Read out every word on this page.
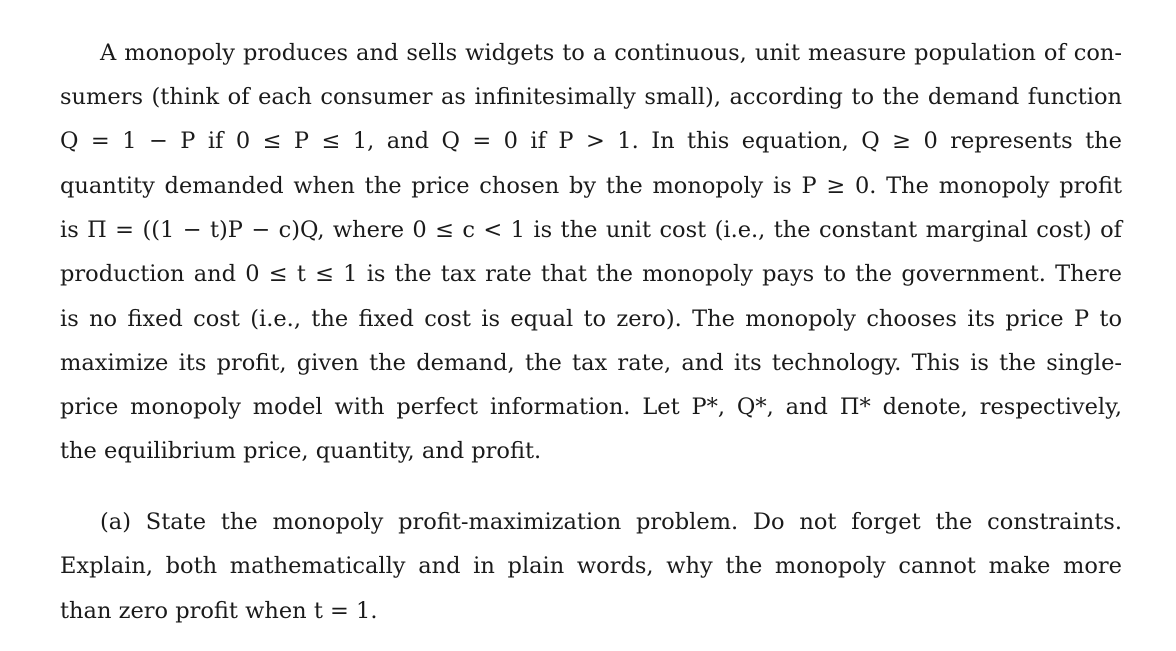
A monopoly produces and sells widgets to a continuous, unit measure population of con-
sumers (think of each consumer as infinitesimally small), according to the demand function
Q = 1 − P if 0 ≤ P ≤ 1, and Q = 0 if P > 1. In this equation, Q ≥ 0 represents the
quantity demanded when the price chosen by the monopoly is P ≥ 0. The monopoly profit
is Π = ((1 − t)P − c)Q, where 0 ≤ c < 1 is the unit cost (i.e., the constant marginal cost) of
production and 0 ≤ t ≤ 1 is the tax rate that the monopoly pays to the government. There
is no fixed cost (i.e., the fixed cost is equal to zero). The monopoly chooses its price P to
maximize its profit, given the demand, the tax rate, and its technology. This is the single-
price monopoly model with perfect information. Let P*, Q*, and Π* denote, respectively,
the equilibrium price, quantity, and profit.
(a) State the monopoly profit-maximization problem. Do not forget the constraints.
Explain, both mathematically and in plain words, why the monopoly cannot make more
than zero profit when t = 1.
